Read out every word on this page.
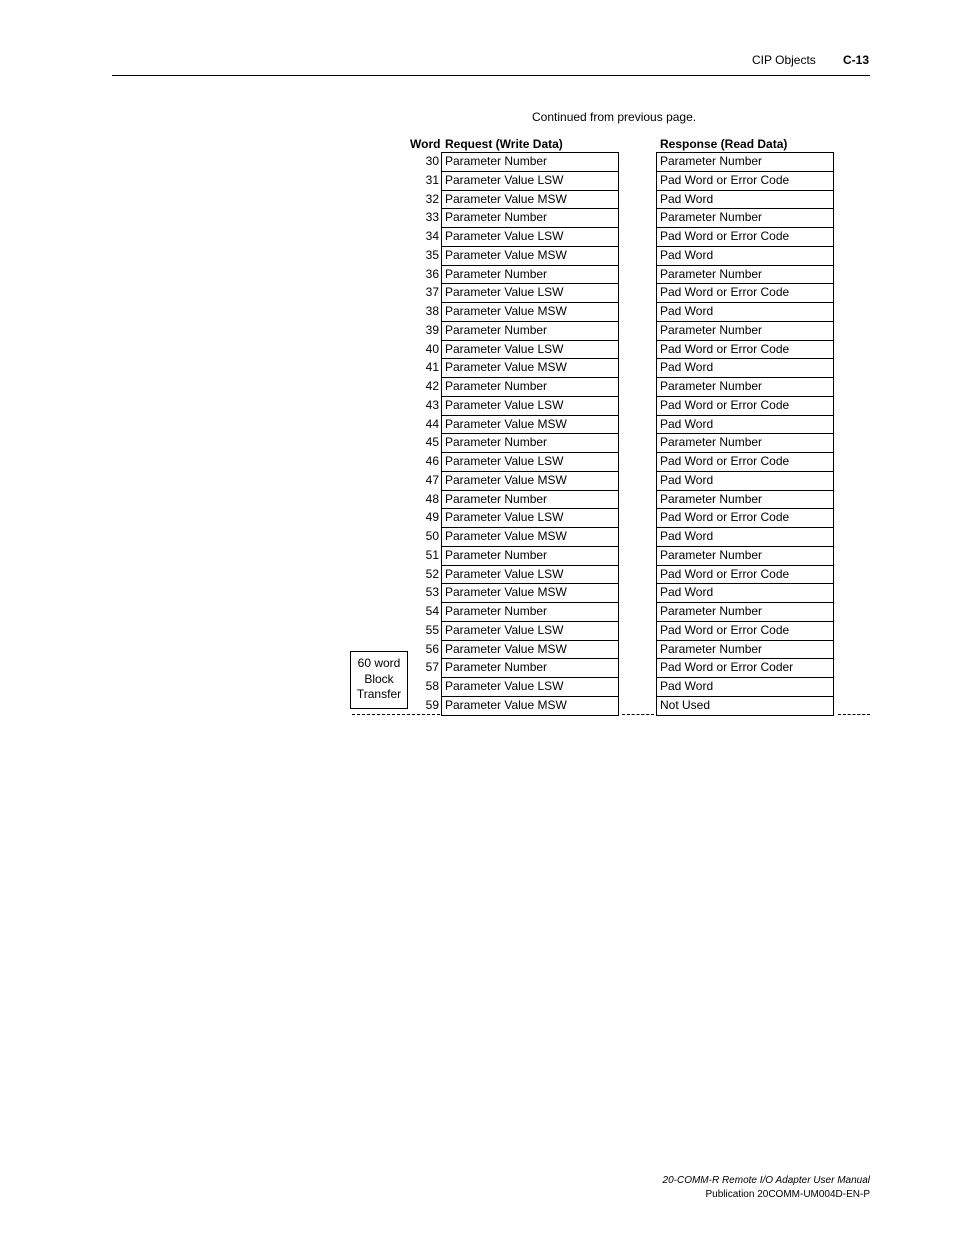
CIP Objects C-13
Continued from previous page.
Word Request (Write Data)	Response (Read Data)
30 Parameter Number	Parameter Number
31 Parameter Value LSW	Pad Word or Error Code
32 Parameter Value MSW	Pad Word
33 Parameter Number	Parameter Number
34 Parameter Value LSW	Pad Word or Error Code
35 Parameter Value MSW	Pad Word
36 Parameter Number	Parameter Number
37 Parameter Value LSW	Pad Word or Error Code
38 Parameter Value MSW	Pad Word
39 Parameter Number	Parameter Number
40 Parameter Value LSW	Pad Word or Error Code
41 Parameter Value MSW	Pad Word
42 Parameter Number	Parameter Number
43 Parameter Value LSW	Pad Word or Error Code
44 Parameter Value MSW	Pad Word
45 Parameter Number	Parameter Number
46 Parameter Value LSW	Pad Word or Error Code
47 Parameter Value MSW	Pad Word
48 Parameter Number	Parameter Number
49 Parameter Value LSW	Pad Word or Error Code
50 Parameter Value MSW	Pad Word
51 Parameter Number	Parameter Number
52 Parameter Value LSW	Pad Word or Error Code
53 Parameter Value MSW	Pad Word
54 Parameter Number	Parameter Number
55 Parameter Value LSW	Pad Word or Error Code
56 Parameter Value MSW	Parameter Number
57 Parameter Number	Pad Word or Error Coder
58 Parameter Value LSW	Pad Word
59 Parameter Value MSW	Not Used
60 word
Block
Transfer
20-COMM-R Remote I/O Adapter User Manual
Publication 20COMM-UM004D-EN-P
